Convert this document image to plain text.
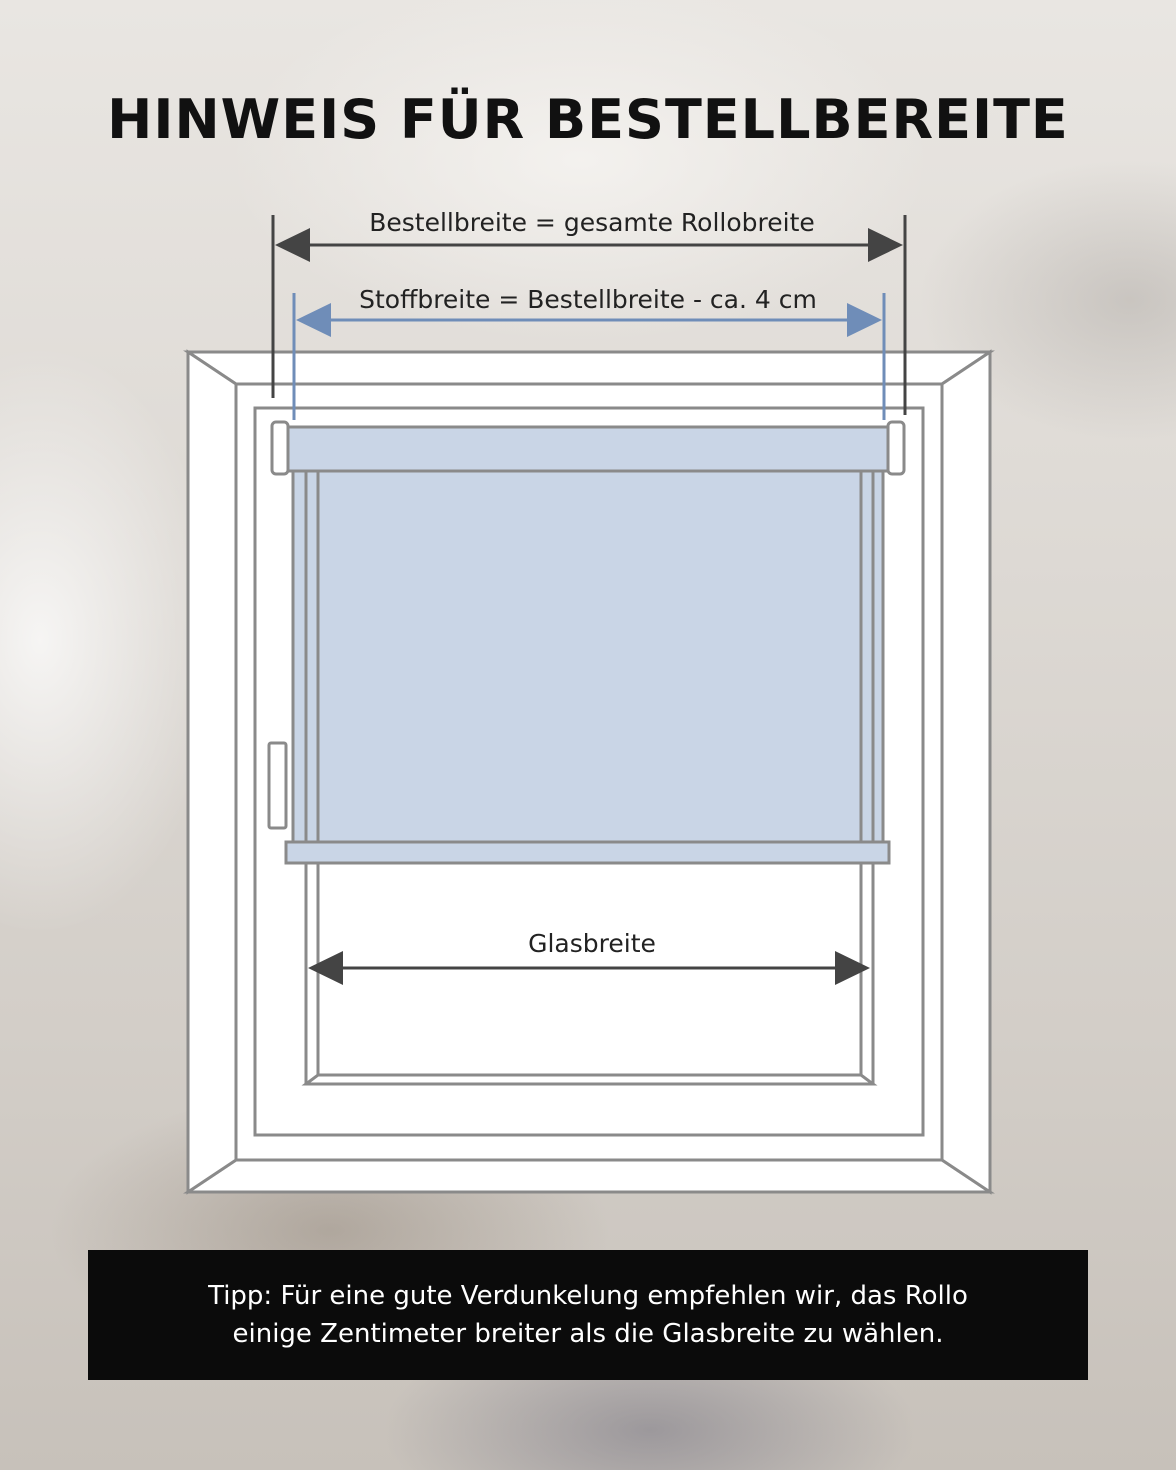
HINWEIS FÜR BESTELLBEREITE
Bestellbreite = gesamte Rollobreite
Stoffbreite = Bestellbreite - ca. 4 cm
Glasbreite
Tipp: Für eine gute Verdunkelung empfehlen wir, das Rollo
einige Zentimeter breiter als die Glasbreite zu wählen.
